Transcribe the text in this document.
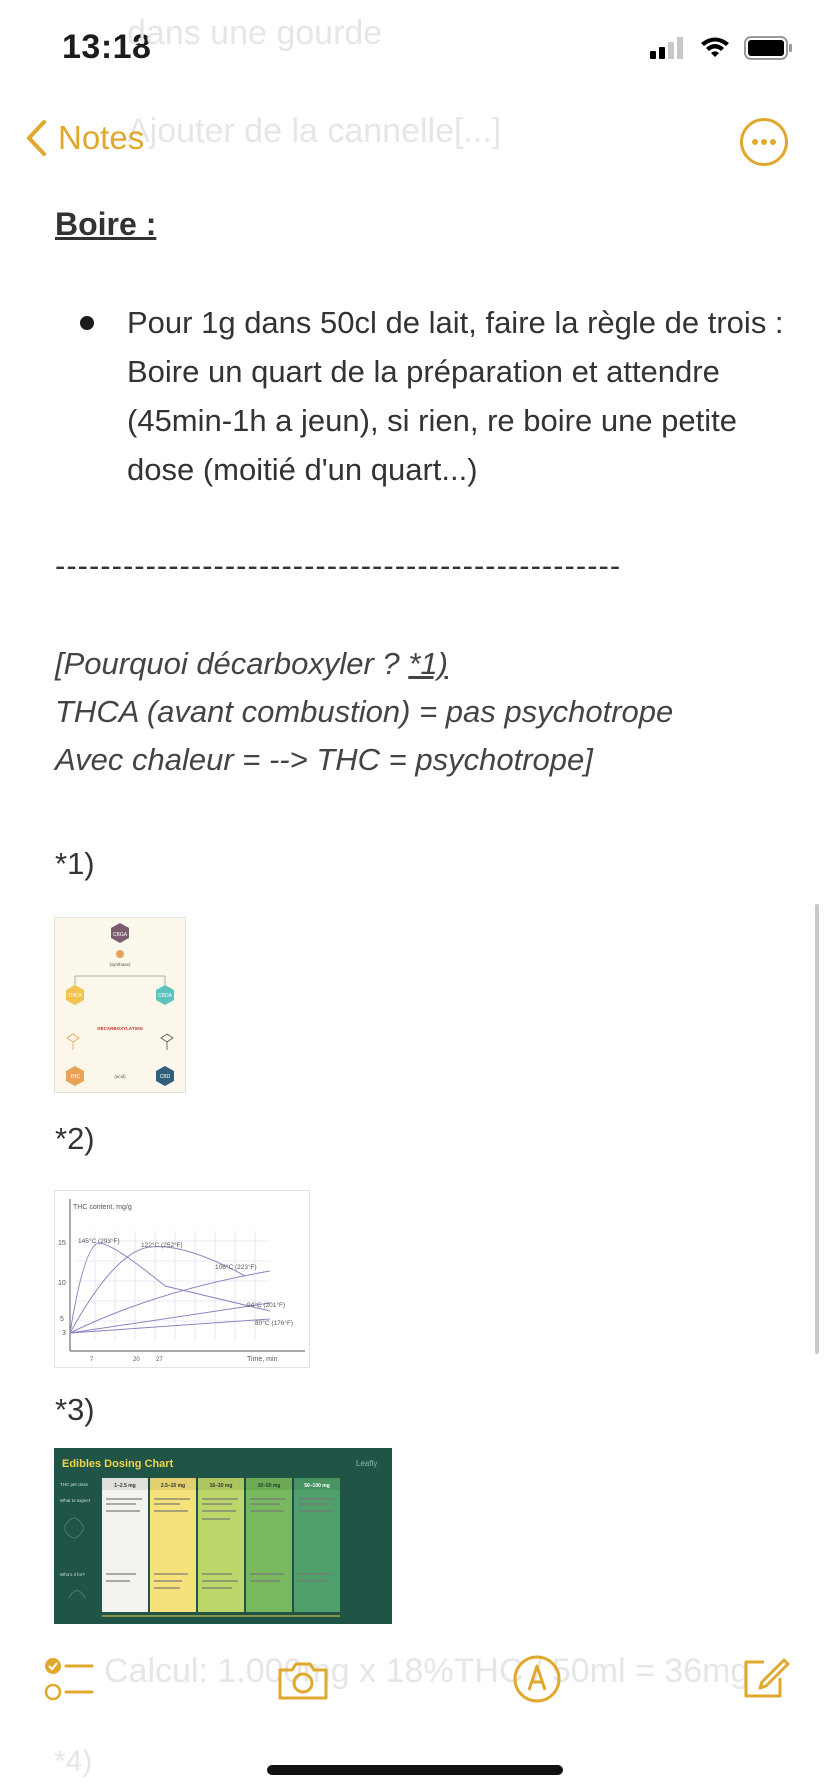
13:18
dans une gourde
Ajouter de la cannelle[...]
Notes
Boire :
Pour 1g dans 50cl de lait, faire la règle de trois : Boire un quart de la préparation et attendre (45min-1h a jeun), si rien, re boire une petite dose (moitié d'un quart...)
--------------------------------------------------
[Pourquoi décarboxyler ? *1)
THCA (avant combustion) = pas psychotrope
Avec chaleur = --> THC = psychotrope]
*1)
CBGA
(synthase)
THCA	CBDA
DÉCARBOXYLATION
THC	CBD
(acid)
*2)
THC content, mg/g
Time, min
15
10
5
3
7	20	27
145°C (293°F)
122°C (252°F)
106°C (223°F)
94°C (201°F)
80°C (176°F)
*3)
Edibles Dosing Chart	Leafly
THC per dose
What to expect
Who's it for?
1–2.5 mg	2.5–15 mg	15–30 mg	30–50 mg	50–100 mg
Calcul: 1.000mg x 18%THC / 50ml = 36mg
*4)
